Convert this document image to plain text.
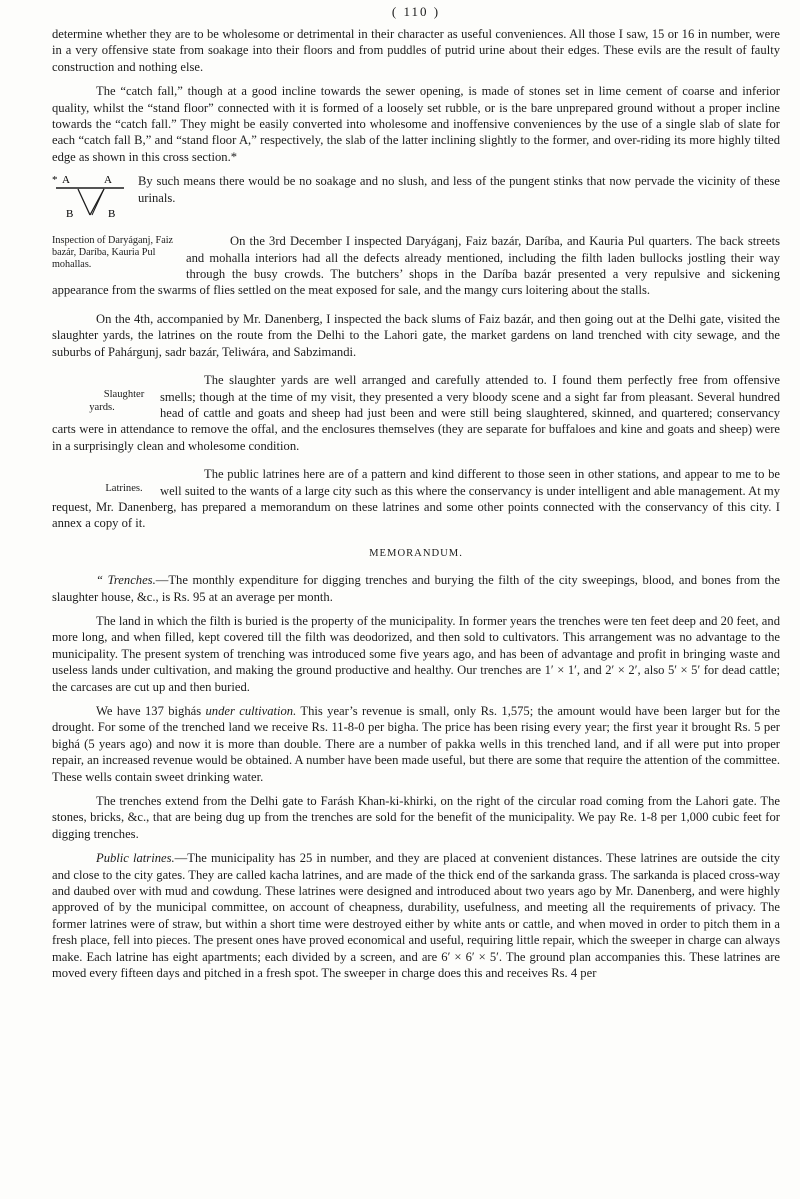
( 110 )

determine whether they are to be wholesome or detrimental in their character as useful conveniences. All those I saw, 15 or 16 in number, were in a very offensive state from soakage into their floors and from puddles of putrid urine about their edges. These evils are the result of faulty construction and nothing else.

The “catch fall,” though at a good incline towards the sewer opening, is made of stones set in lime cement of coarse and inferior quality, whilst the “stand floor” connected with it is formed of a loosely set rubble, or is the bare unprepared ground without a proper incline towards the “catch fall.” They might be easily converted into wholesome and inoffensive conveniences by the use of a single slab of slate for each “catch fall B,” and “stand floor A,” respectively, the slab of the latter inclining slightly to the former, and over-riding its more highly tilted edge as shown in this cross section.*

* A	A
B	B

By such means there would be no soakage and no slush, and less of the pungent stinks that now pervade the vicinity of these urinals.

Inspection of Daryáganj, Faiz bazár, Daríba, Kauria Pul mohallas.
On the 3rd December I inspected Daryáganj, Faiz bazár, Daríba, and Kauria Pul quarters. The back streets and mohalla interiors had all the defects already mentioned, including the filth laden bullocks jostling their way through the busy crowds. The butchers’ shops in the Daríba bazár presented a very repulsive and sickening appearance from the swarms of flies settled on the meat exposed for sale, and the mangy curs loitering about the stalls.

On the 4th, accompanied by Mr. Danenberg, I inspected the back slums of Faiz bazár, and then going out at the Delhi gate, visited the slaughter yards, the latrines on the route from the Delhi to the Lahori gate, the market gardens on land trenched with city sewage, and the suburbs of Pahárgunj, sadr bazár, Teliwára, and Sabzimandi.

Slaughter yards.
The slaughter yards are well arranged and carefully attended to. I found them perfectly free from offensive smells; though at the time of my visit, they presented a very bloody scene and a sight far from pleasant. Several hundred head of cattle and goats and sheep had just been and were still being slaughtered, skinned, and quartered; conservancy carts were in attendance to remove the offal, and the enclosures themselves (they are separate for buffaloes and kine and goats and sheep) were in a surprisingly clean and wholesome condition.

Latrines.
The public latrines here are of a pattern and kind different to those seen in other stations, and appear to me to be well suited to the wants of a large city such as this where the conservancy is under intelligent and able management. At my request, Mr. Danenberg, has prepared a memorandum on these latrines and some other points connected with the conservancy of this city. I annex a copy of it.

MEMORANDUM.

“ Trenches.—The monthly expenditure for digging trenches and burying the filth of the city sweepings, blood, and bones from the slaughter house, &c., is Rs. 95 at an average per month.

The land in which the filth is buried is the property of the municipality. In former years the trenches were ten feet deep and 20 feet, and more long, and when filled, kept covered till the filth was deodorized, and then sold to cultivators. This arrangement was no advantage to the municipality. The present system of trenching was introduced some five years ago, and has been of advantage and profit in bringing waste and useless lands under cultivation, and making the ground productive and healthy. Our trenches are 1′ × 1′, and 2′ × 2′, also 5′ × 5′ for dead cattle; the carcases are cut up and then buried.

We have 137 bighás under cultivation. This year’s revenue is small, only Rs. 1,575; the amount would have been larger but for the drought. For some of the trenched land we receive Rs. 11-8-0 per bigha. The price has been rising every year; the first year it brought Rs. 5 per bighá (5 years ago) and now it is more than double. There are a number of pakka wells in this trenched land, and if all were put into proper repair, an increased revenue would be obtained. A number have been made useful, but there are some that require the attention of the committee. These wells contain sweet drinking water.

The trenches extend from the Delhi gate to Farásh Khan-ki-khirki, on the right of the circular road coming from the Lahori gate. The stones, bricks, &c., that are being dug up from the trenches are sold for the benefit of the municipality. We pay Re. 1-8 per 1,000 cubic feet for digging trenches.

Public latrines.—The municipality has 25 in number, and they are placed at convenient distances. These latrines are outside the city and close to the city gates. They are called kacha latrines, and are made of the thick end of the sarkanda grass. The sarkanda is placed cross-way and daubed over with mud and cowdung. These latrines were designed and introduced about two years ago by Mr. Danenberg, and were highly approved of by the municipal committee, on account of cheapness, durability, usefulness, and meeting all the requirements of privacy. The former latrines were of straw, but within a short time were destroyed either by white ants or cattle, and when moved in order to pitch them in a fresh place, fell into pieces. The present ones have proved economical and useful, requiring little repair, which the sweeper in charge can always make. Each latrine has eight apartments; each divided by a screen, and are 6′ × 6′ × 5′. The ground plan accompanies this. These latrines are moved every fifteen days and pitched in a fresh spot. The sweeper in charge does this and receives Rs. 4 per
